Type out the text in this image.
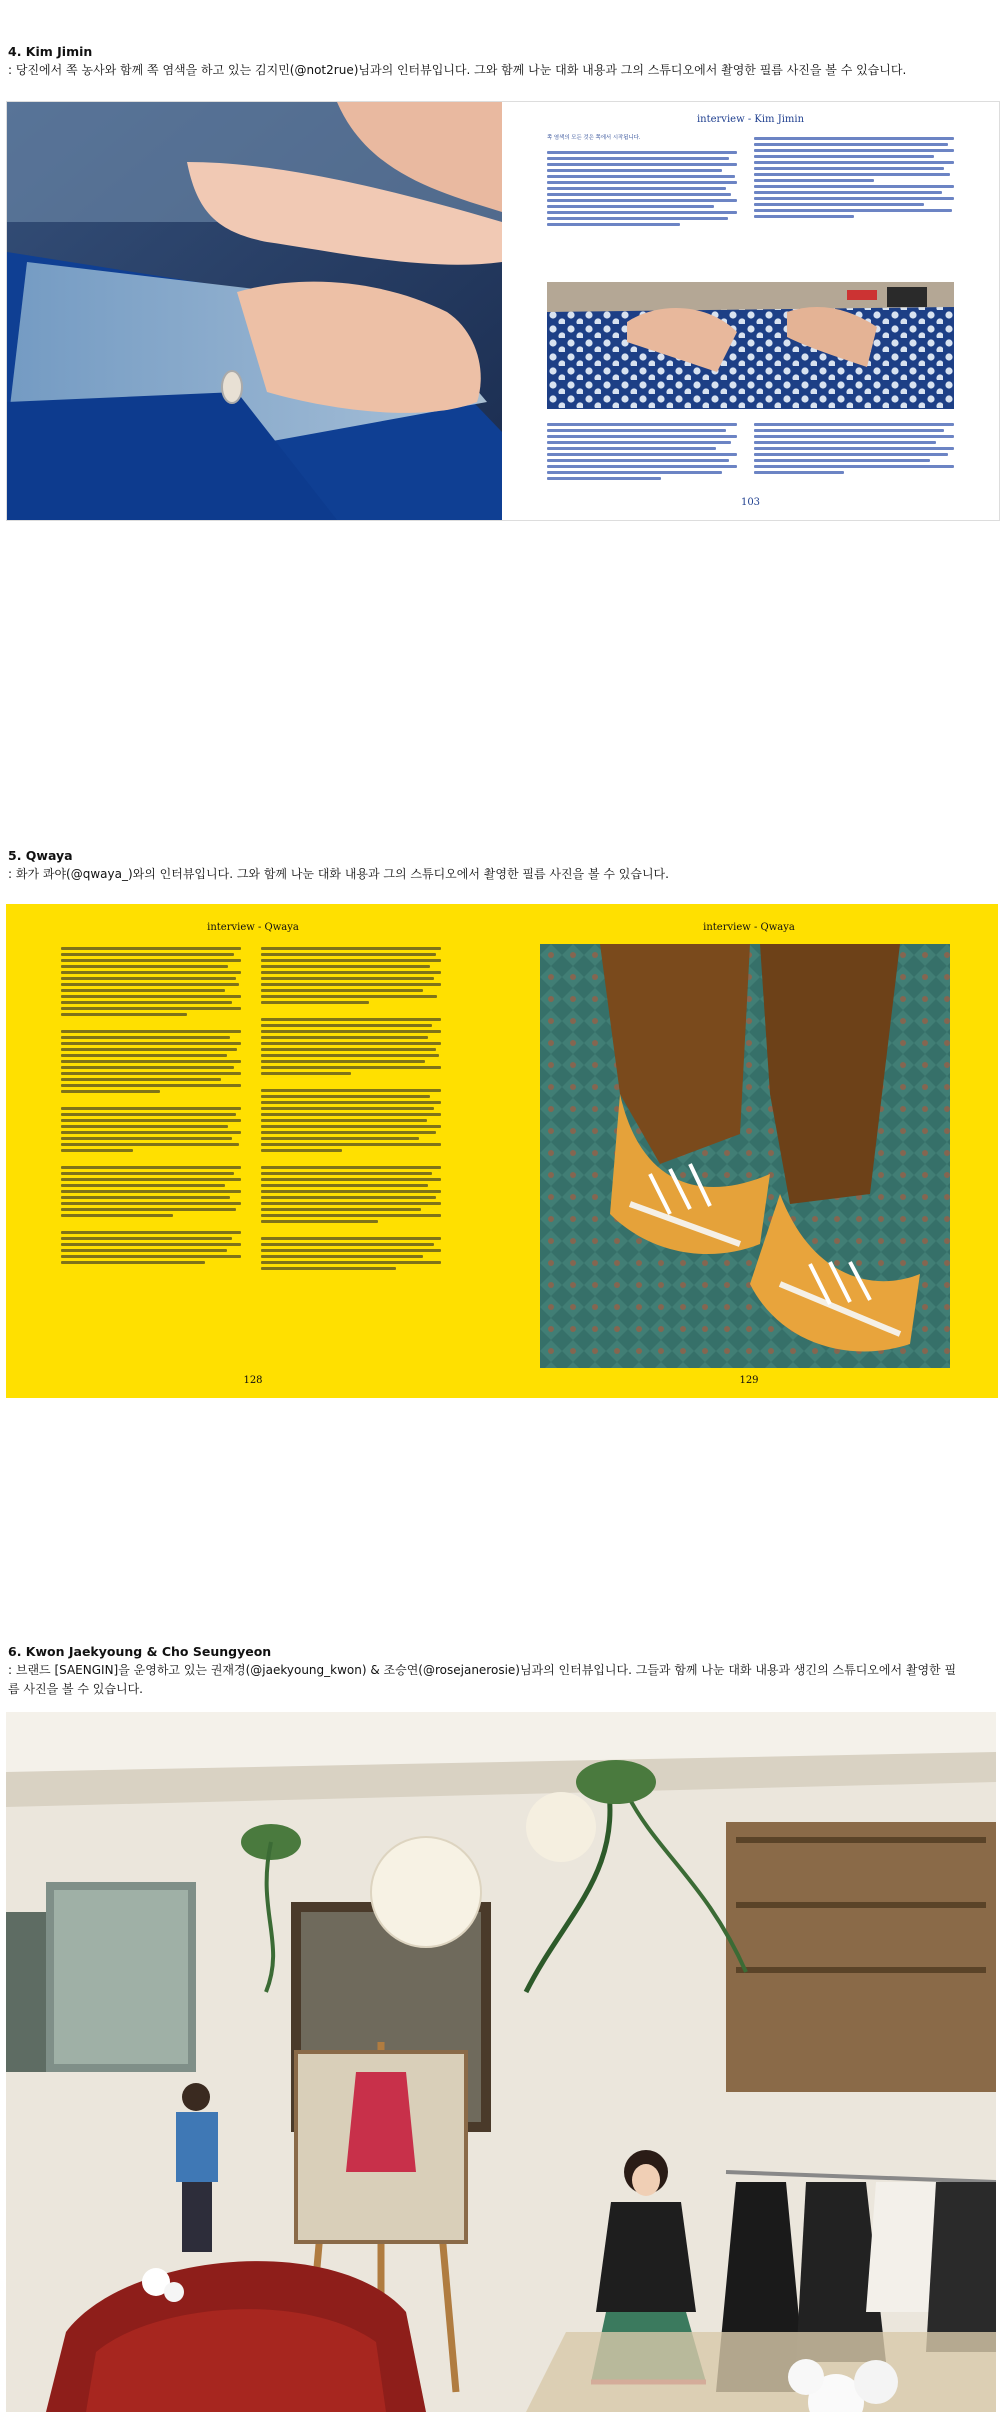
4. Kim Jimin
: 당진에서 쪽 농사와 함께 쪽 염색을 하고 있는 김지민(@not2rue)님과의 인터뷰입니다. 그와 함께 나눈 대화 내용과 그의 스튜디오에서 촬영한 필름 사진을 볼 수 있습니다.
interview - Kim Jimin

쪽 염색의 모든 것은 쪽에서 시작됩니다.

103
5. Qwaya
: 화가 콰야(@qwaya_)와의 인터뷰입니다. 그와 함께 나눈 대화 내용과 그의 스튜디오에서 촬영한 필름 사진을 볼 수 있습니다.
interview - Qwaya
128
interview - Qwaya
129
6. Kwon Jaekyoung & Cho Seungyeon
: 브랜드 [SAENGIN]을 운영하고 있는 권재경(@jaekyoung_kwon) & 조승연(@rosejanerosie)님과의 인터뷰입니다. 그들과 함께 나눈 대화 내용과 생긴의 스튜디오에서 촬영한 필름 사진을 볼 수 있습니다.
